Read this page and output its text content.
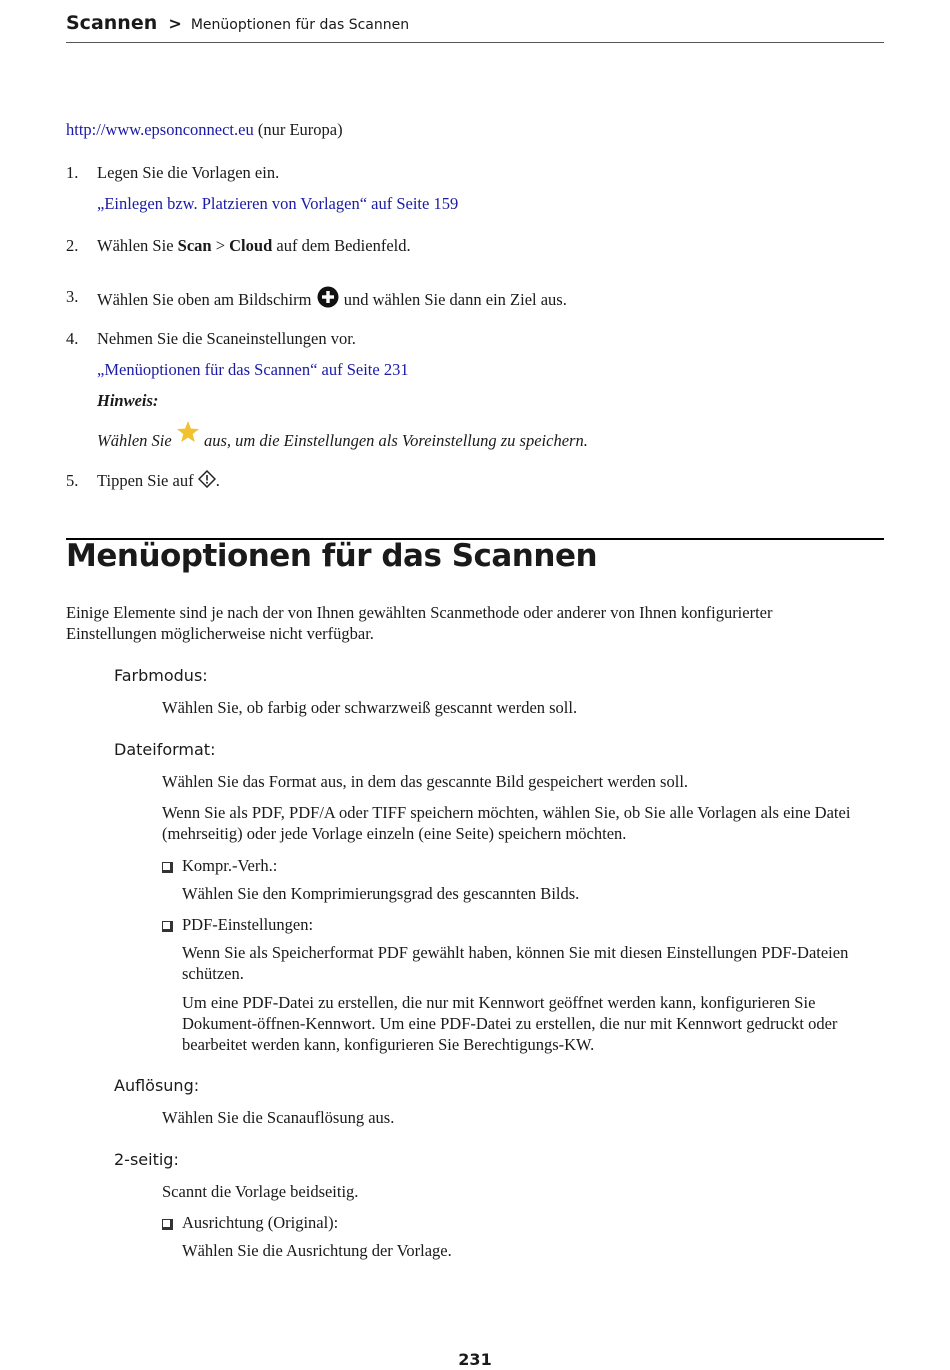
Scannen > Menüoptionen für das Scannen
http://www.epsonconnect.eu (nur Europa)
1.	Legen Sie die Vorlagen ein.
„Einlegen bzw. Platzieren von Vorlagen“ auf Seite 159
2.	Wählen Sie Scan > Cloud auf dem Bedienfeld.
3.	Wählen Sie oben am Bildschirm und wählen Sie dann ein Ziel aus.
4.	Nehmen Sie die Scaneinstellungen vor.
„Menüoptionen für das Scannen“ auf Seite 231
Hinweis:
Wählen Sie aus, um die Einstellungen als Voreinstellung zu speichern.
5.	Tippen Sie auf .
Menüoptionen für das Scannen
Einige Elemente sind je nach der von Ihnen gewählten Scanmethode oder anderer von Ihnen konfigurierter Einstellungen möglicherweise nicht verfügbar.
Farbmodus:
Wählen Sie, ob farbig oder schwarzweiß gescannt werden soll.
Dateiformat:
Wählen Sie das Format aus, in dem das gescannte Bild gespeichert werden soll.
Wenn Sie als PDF, PDF/A oder TIFF speichern möchten, wählen Sie, ob Sie alle Vorlagen als eine Datei (mehrseitig) oder jede Vorlage einzeln (eine Seite) speichern möchten.
Kompr.-Verh.:
Wählen Sie den Komprimierungsgrad des gescannten Bilds.
PDF-Einstellungen:
Wenn Sie als Speicherformat PDF gewählt haben, können Sie mit diesen Einstellungen PDF-Dateien schützen.
Um eine PDF-Datei zu erstellen, die nur mit Kennwort geöffnet werden kann, konfigurieren Sie Dokument-öffnen-Kennwort. Um eine PDF-Datei zu erstellen, die nur mit Kennwort gedruckt oder bearbeitet werden kann, konfigurieren Sie Berechtigungs-KW.
Auflösung:
Wählen Sie die Scanauflösung aus.
2-seitig:
Scannt die Vorlage beidseitig.
Ausrichtung (Original):
Wählen Sie die Ausrichtung der Vorlage.
231
